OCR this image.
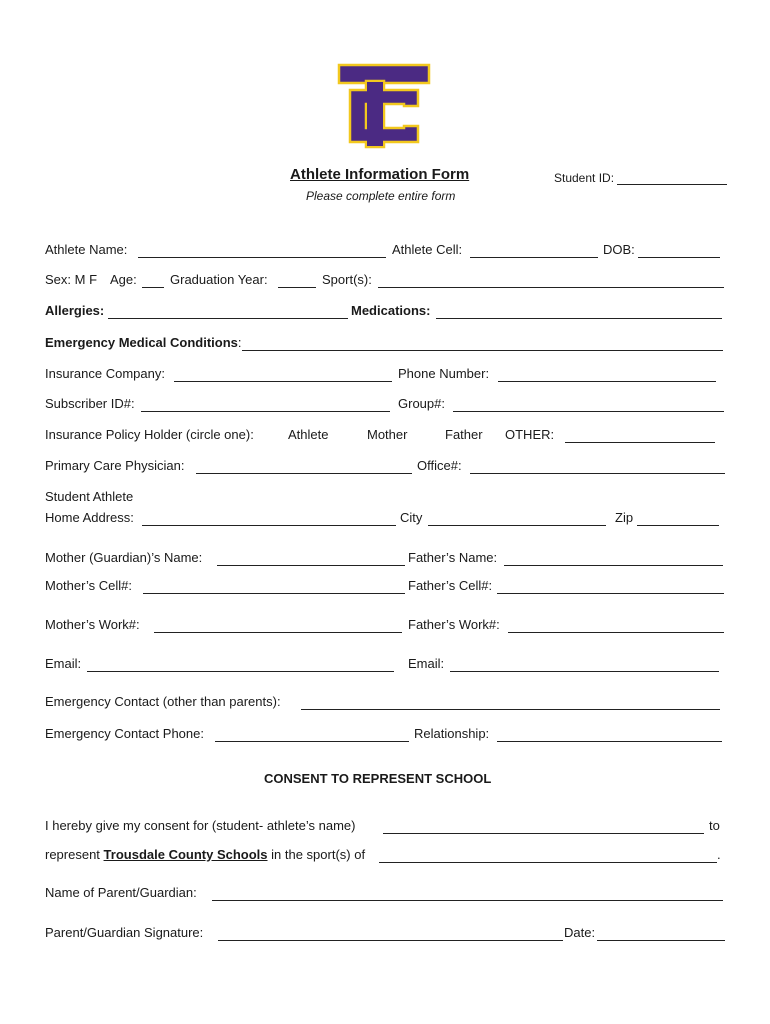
Athlete Information Form
Please complete entire form
Student ID:
Athlete Name:	Athlete Cell:	DOB:
Sex: M F Age:	Graduation Year:	Sport(s):
Allergies:	Medications:
Emergency Medical Conditions:
Insurance Company:	Phone Number:
Subscriber ID#:	Group#:
Insurance Policy Holder (circle one):	Athlete	Mother	Father OTHER:
Primary Care Physician:	Office#:
Student Athlete
Home Address:	City	Zip
Mother (Guardian)’s Name:	Father’s Name:
Mother’s Cell#:	Father’s Cell#:
Mother’s Work#:	Father’s Work#:
Email:	Email:
Emergency Contact (other than parents):
Emergency Contact Phone:	Relationship:
CONSENT TO REPRESENT SCHOOL
I hereby give my consent for (student- athlete’s name)	to
represent Trousdale County Schools in the sport(s) of	.
Name of Parent/Guardian:
Parent/Guardian Signature:	Date:
